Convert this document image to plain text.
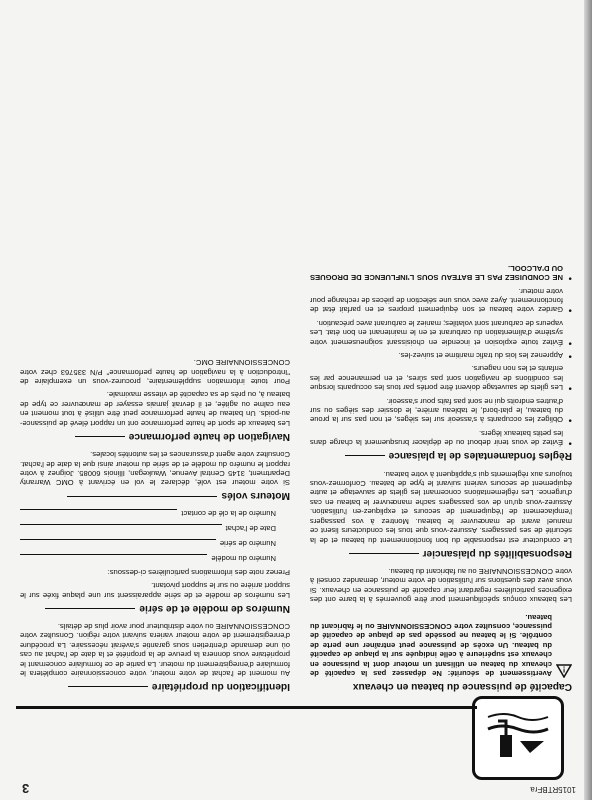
1015RTBFra
3
Capacité de puissance du bateau en chevaux
!
Avertissement de sécurité: Ne dépassez pas la capacité de chevaux du bateau en utilisant un moteur dont la puissance en chevaux est supérieure à celle indiquée sur la plaque de capacité du bateau. Un excès de puissance peut entraîner une perte de contrôle. Si le bateau ne possède pas de plaque de capacité de puissance, consultez votre CONCESSIONNAIRE ou le fabricant du bateau.

Les bateaux conçus spécifiquement pour être gouvernés à la barre ont des exigences particulières regardant leur capacité de puissance en chevaux. Si vous avez des questions sur l'utilisation de votre moteur, demandez conseil à votre CONCESSIONNAIRE ou au fabricant du bateau.

Responsabilités du plaisancier

Le conducteur est responsable du bon fonctionnement du bateau et de la sécurité de ses passagers. Assurez-vous que tous les conducteurs lisent ce manuel avant de manœuvrer le bateau. Montrez à vos passagers l'emplacement de l'équipement de secours et expliquez-en l'utilisation. Assurez-vous qu'un de vos passagers sache manœuvrer le bateau en cas d'urgence. Les réglementations concernant les gilets de sauvetage et autre équipement de secours varient suivant le type de bateau. Conformez-vous toujours aux règlements qui s'appliquent à votre bateau.

Règles fondamentales de la plaisance
● Évitez de vous tenir debout ou de déplacer brusquement la charge dans les petits bateaux légers.
● Obligez les occupants à s'asseoir sur les sièges, et non pas sur la proue du bateau, le plat-bord, le tableau arrière, le dossier des sièges ou sur d'autres endroits qui ne sont pas faits pour s'asseoir.
● Les gilets de sauvetage doivent être portés par tous les occupants lorsque les conditions de navigation sont pas sûres, et en permanence par les enfants et les non nageurs.
● Apprenez les lois du trafic maritime et suivez-les.
● Évitez toute explosion et incendie en choisissant soigneusement votre système d'alimentation du carburant et en le maintenant en bon état. Les vapeurs de carburant sont volatiles; maniez le carburant avec précaution.
● Gardez votre bateau et son équipement propres et en parfait état de fonctionnement. Ayez avec vous une sélection de pièces de rechange pour votre moteur.
● NE CONDUISEZ PAS LE BATEAU SOUS L'INFLUENCE DE DROGUES OU D'ALCOOL.
Identification du propriétaire

Au moment de l'achat de votre moteur, votre concessionnaire complétera le formulaire d'enregistrement du moteur. La partie de ce formulaire concernant le propriétaire vous donnera la preuve de la propriété et la date de l'achat au cas où une demande d'entretien sous garantie s'avérait nécessaire. La procédure d'enregistrement de votre moteur variera suivant votre région. Consultez votre CONCESSIONNAIRE ou votre distributeur pour avoir plus de détails.

Numéros de modèle et de série

Les numéros de modèle et de série apparaissent sur une plaque fixée sur le support arrière ou sur le support pivotant.

Prenez note des informations particulières ci-dessous:

Numéro du modèle
Numéro de série
Date de l'achat
Numéro de la clé de contact
Moteurs volés

Si votre moteur est volé, déclarez le vol en écrivant à OMC Warranty Department, 3145 Central Avenue, Waukegan, Illinois 60085. Joignez à votre rapport le numéro du modèle et de série du moteur ainsi que la date de l'achat. Consultez votre agent d'assurances et les autorités locales.

Navigation de haute performance

Les bateaux de sport de haute performance ont un rapport élevé de puissance-au-poids. Un bateau de haute performance peut être utilisé à tout moment en eau calme ou agitée, et il devrait jamais essayer de manœuvrer ce type de bateau à, ou près de sa capacité de vitesse maximale.

Pour toute information supplémentaire, procurez-vous un exemplaire de "Introduction à la navigation de haute performance" P/N 335763 chez votre CONCESSIONNAIRE OMC.
